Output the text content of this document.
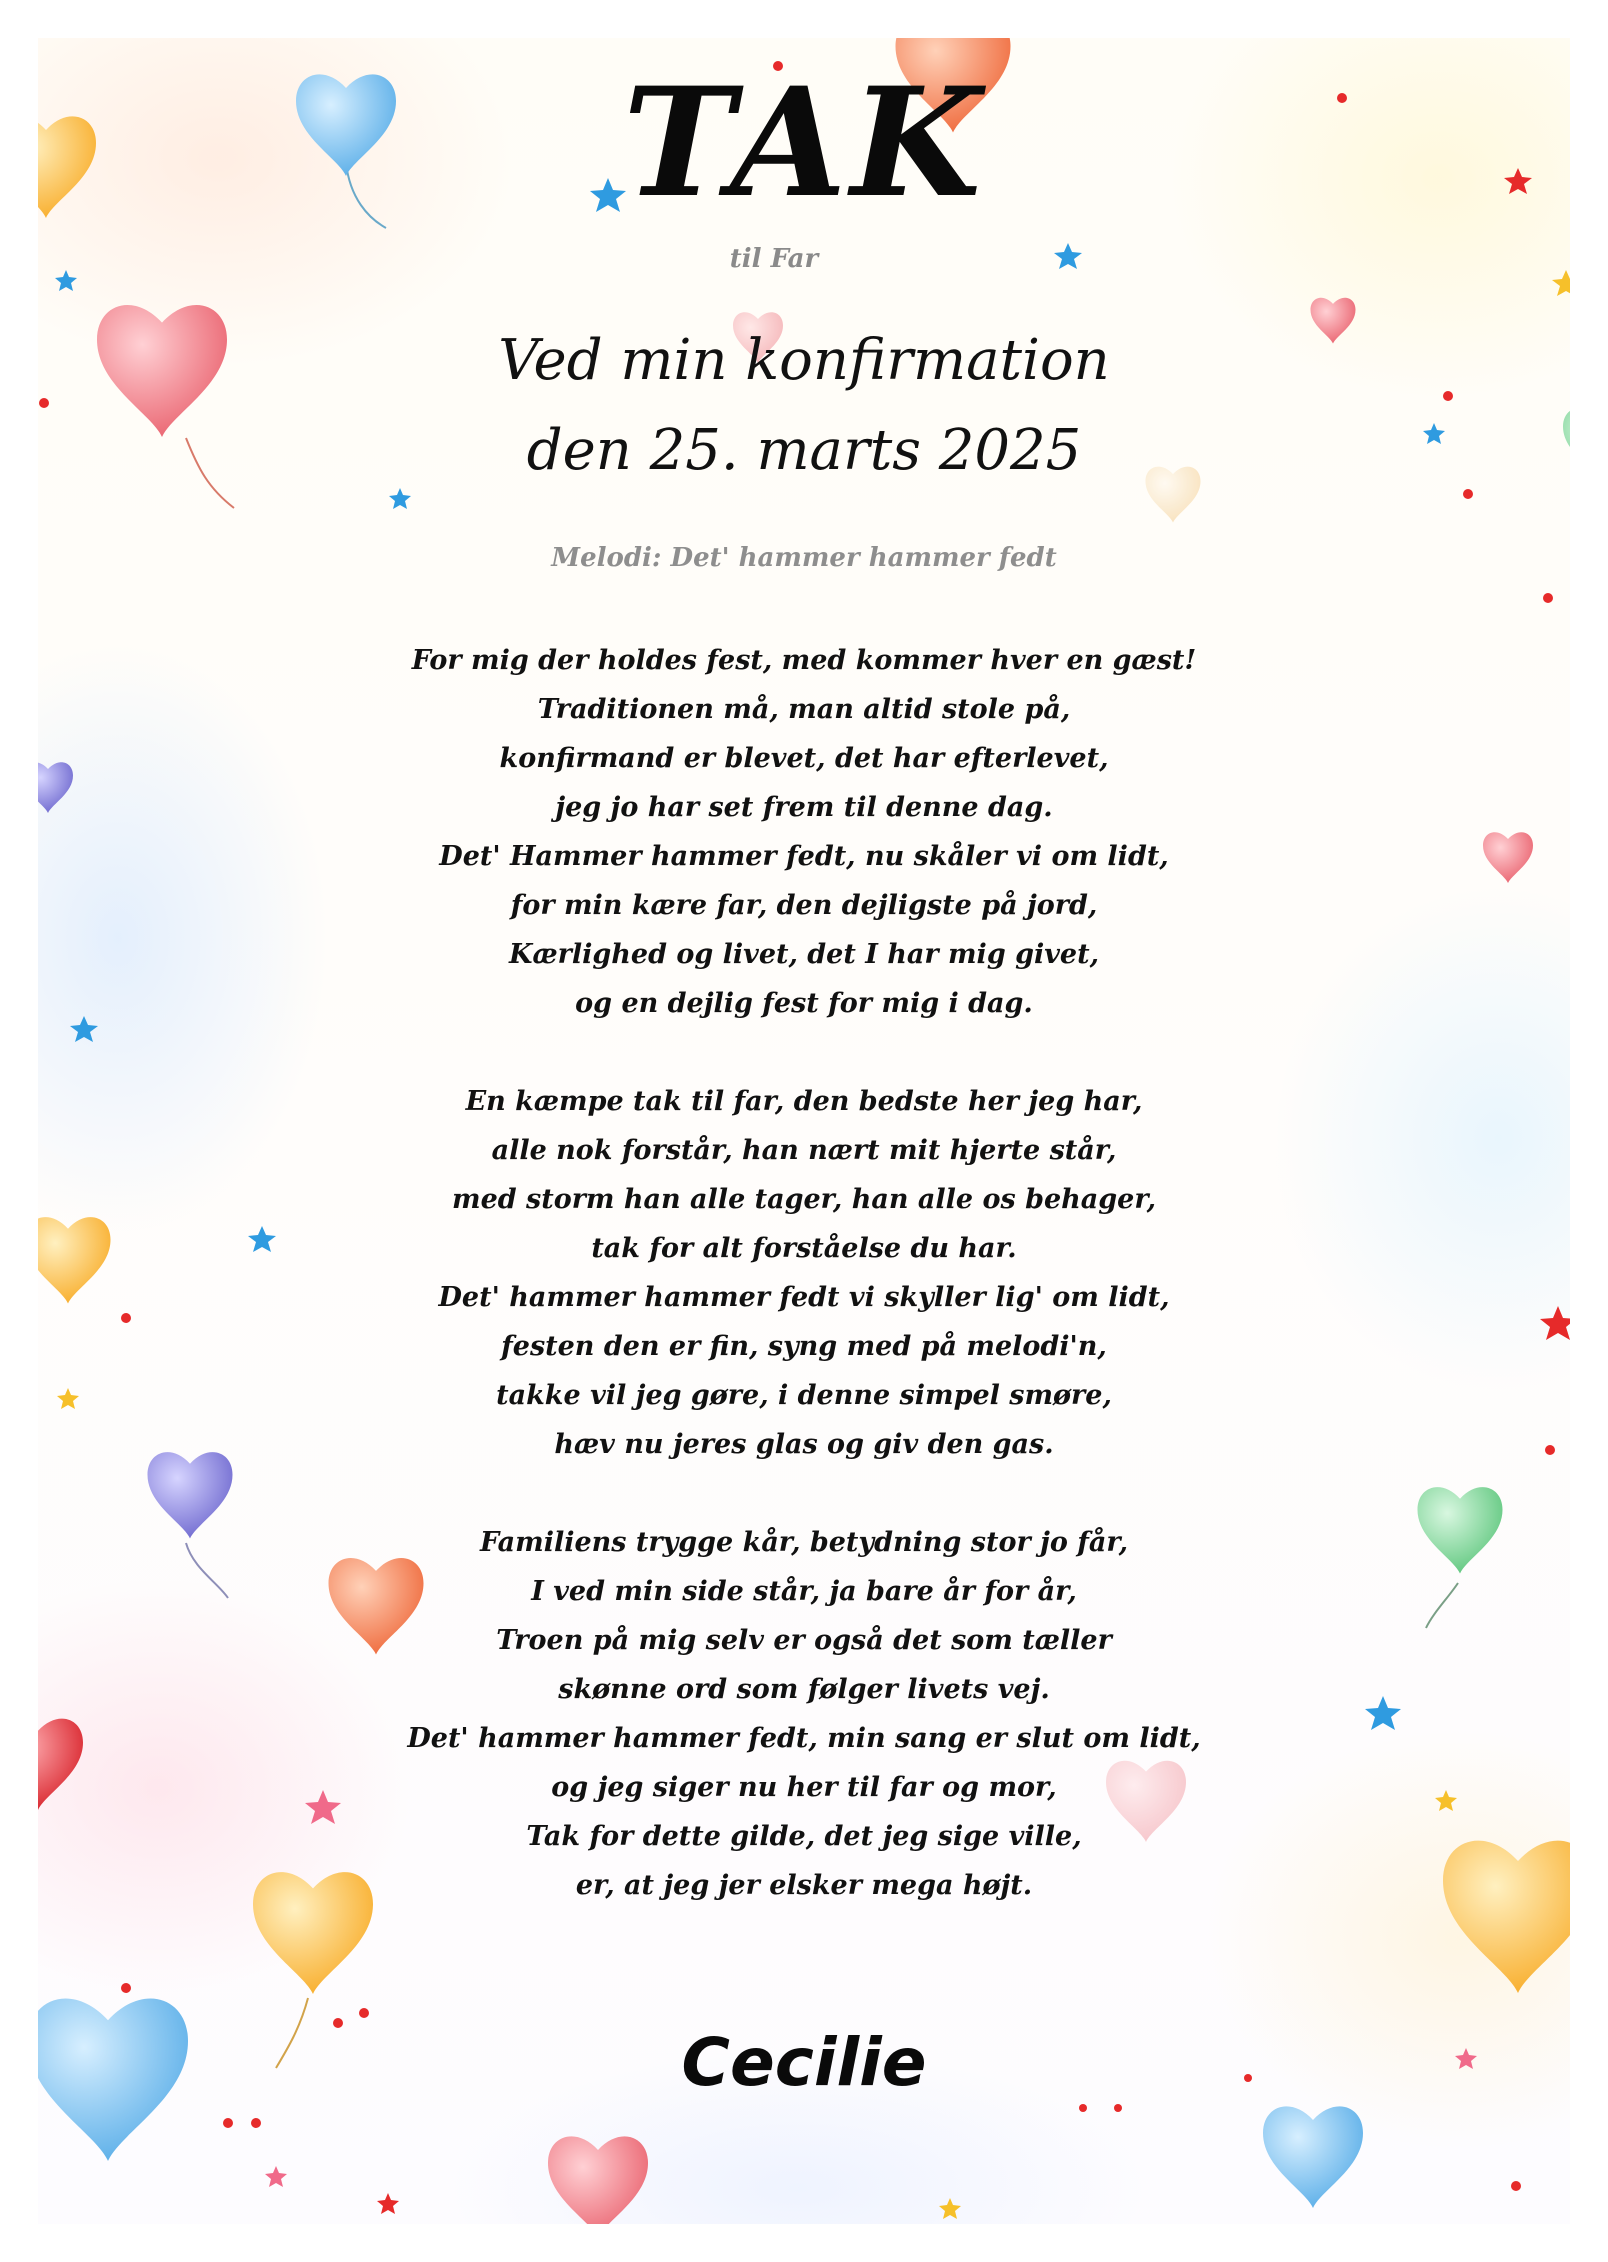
TAK
til Far
Ved min konfirmation
den 25. marts 2025
Melodi: Det' hammer hammer fedt
For mig der holdes fest, med kommer hver en gæst!
Traditionen må, man altid stole på,
konfirmand er blevet, det har efterlevet,
jeg jo har set frem til denne dag.
Det' Hammer hammer fedt, nu skåler vi om lidt,
for min kære far, den dejligste på jord,
Kærlighed og livet, det I har mig givet,
og en dejlig fest for mig i dag.
En kæmpe tak til far, den bedste her jeg har,
alle nok forstår, han nært mit hjerte står,
med storm han alle tager, han alle os behager,
tak for alt forståelse du har.
Det' hammer hammer fedt vi skyller lig' om lidt,
festen den er fin, syng med på melodi'n,
takke vil jeg gøre, i denne simpel smøre,
hæv nu jeres glas og giv den gas.
Familiens trygge kår, betydning stor jo får,
I ved min side står, ja bare år for år,
Troen på mig selv er også det som tæller
skønne ord som følger livets vej.
Det' hammer hammer fedt, min sang er slut om lidt,
og jeg siger nu her til far og mor,
Tak for dette gilde, det jeg sige ville,
er, at jeg jer elsker mega højt.
Cecilie
